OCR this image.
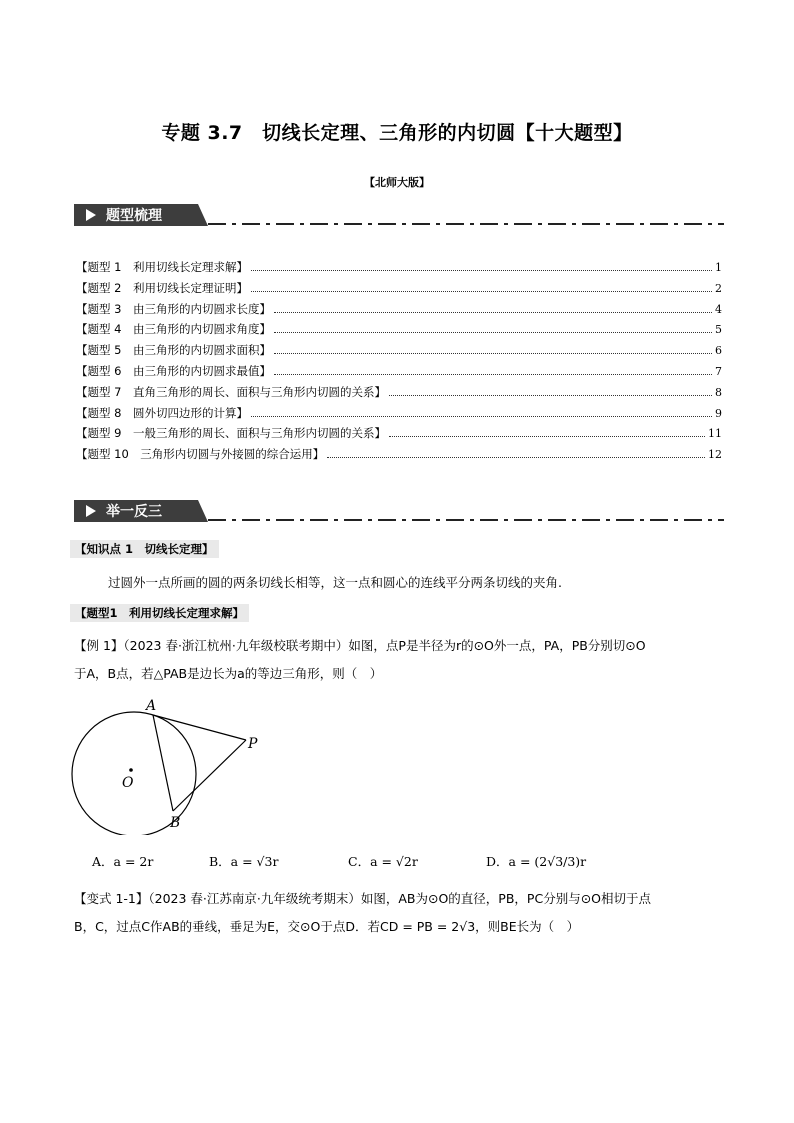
专题 3.7　切线长定理、三角形的内切圆【十大题型】
【北师大版】
题型梳理
【题型 1　利用切线长定理求解】	1
【题型 2　利用切线长定理证明】	2
【题型 3　由三角形的内切圆求长度】	4
【题型 4　由三角形的内切圆求角度】	5
【题型 5　由三角形的内切圆求面积】	6
【题型 6　由三角形的内切圆求最值】	7
【题型 7　直角三角形的周长、面积与三角形内切圆的关系】	8
【题型 8　圆外切四边形的计算】	9
【题型 9　一般三角形的周长、面积与三角形内切圆的关系】	11
【题型 10　三角形内切圆与外接圆的综合运用】	12
举一反三
【知识点 1　切线长定理】
过圆外一点所画的圆的两条切线长相等，这一点和圆心的连线平分两条切线的夹角.
【题型1　利用切线长定理求解】
【例 1】（2023 春·浙江杭州·九年级校联考期中）如图，点P是半径为r的⊙O外一点，PA，PB分别切⊙O
于A，B点，若△PAB是边长为a的等边三角形，则（　）
A
B
P
O
A．a = 2r	B．a = √3r	C．a = √2r	D．a = (2√3/3)r
【变式 1-1】（2023 春·江苏南京·九年级统考期末）如图，AB为⊙O的直径，PB，PC分别与⊙O相切于点
B，C，过点C作AB的垂线，垂足为E，交⊙O于点D．若CD = PB = 2√3，则BE长为（　）
